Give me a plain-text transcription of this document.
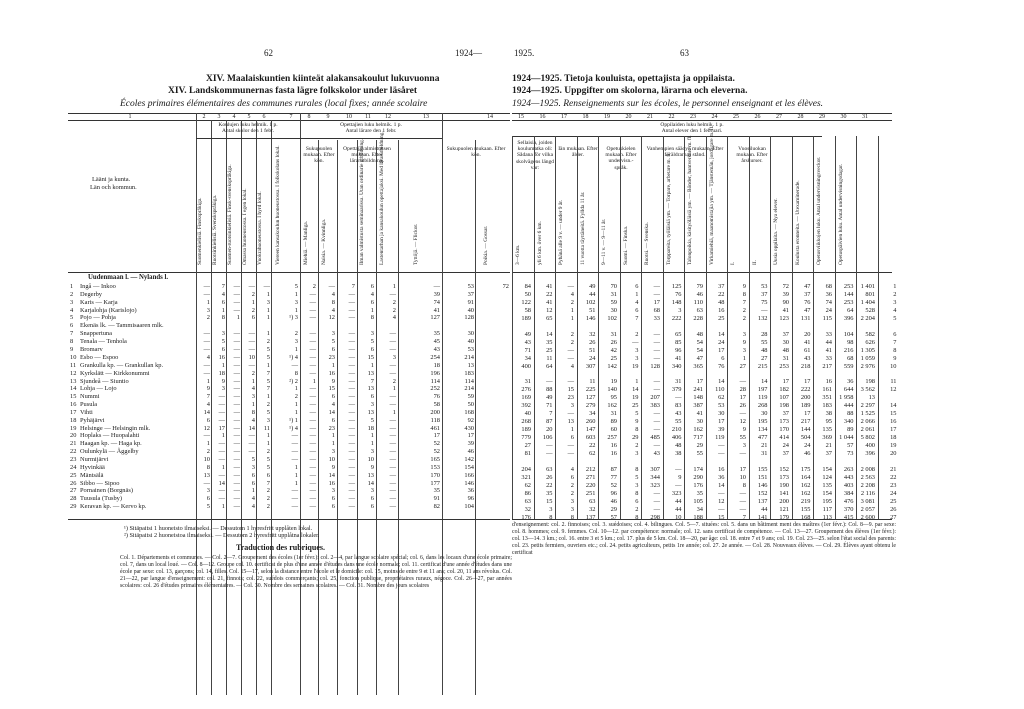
62	1924—
XIV. Maalaiskuntien kiinteät alakansakoulut lukuvuonna
XIV. Landskommunernas fasta lägre folkskolor under läsåret
Écoles primaires élémentaires des communes rurales (local fixes; année scolaire
1	2	3	4	5	6	7	8	9	10	11	12	13	14
Koulujen luku helmik. 1 p.
Antal skolor den 1 febr.
Opettajien luku helmik. 1 p.
Antal lärare den 1 febr.
Sukupuolen mukaan. Efter kön.
Opettajavalmistuksen mukaan. Efter lärarutbildning.
Sukupuolen mukaan. Efter kön.
Lääni ja kunta.
Län och kommun.
Suomenkielisiä. Finskspråkiga.	Ruotsinkielisiä. Svenskspråkiga.	Suomen-ruotsinkielisiä. Finsk-svenskspråkiga.	Omassa huoneustossa. I egen lokal.	Vuokrahuoneustossa. I hyrd lokal.	Viereen kansakoulun huoneustossa. I folkskolans lokal.	Miehiä. — Manliga.	Naisia. — Kvinnliga.	Ilman valmistusta seminaarissa. Utan ordinarie utbildning.	Lastentarhan ja kansakoulun opettajaksi. Med lärarutbildning.	Tyttöjä. — Flickor.	Poikia. — Gossar.
Uudenmaan l. — Nylands l.
1 Ingå — Inkoo	—	7	—	—	—	5	2	—	7	6	1	—	53	72
2 Degerby	—	4	—	2	1	1	—	4	—	4	—	39	37
3 Karis — Karja	1	6	—	1	3	3	—	8	—	6	2	74	91
4 Karjalohja (Karislojo)	3	1	—	2	1	1	—	4	—	1	2	41	40
5 Pojo — Pohja	2	8	1	6	1	¹) 3	—	12	—	8	4	127	128
6 Ekenäs lk. — Tammisaaren mlk.
7 Snappertuna	—	3	—	—	1	2	—	3	—	3	—	35	30
8 Tenala — Tenhola	—	5	—	—	2	3	—	5	—	5	—	45	40
9 Bromarv	—	6	—	—	5	1	—	6	—	6	—	43	53
10 Esbo — Espoo	4	16	—	10	5	¹) 4	—	23	—	15	3	254	214
11 Grankulla kp. — Grankullan kp.	—	1	—	—	1	—	—	1	—	1	—	18	13
12 Kyrkslätt — Kirkkonummi	—	18	—	2	7	8	—	16	—	13	—	196	183
13 Sjundeå — Siuntio	1	9	—	1	5	²) 2	1	9	—	7	2	114	114
14 Lohja — Lojo	9	3	—	4	7	1	—	15	—	13	1	252	214
15 Nummi	7	—	—	3	1	2	—	6	—	6	—	76	59
16 Pusula	4	—	—	1	2	1	—	4	—	3	—	58	50
17 Vihti	14	—	—	8	5	1	—	14	—	13	1	200	168
18 Pyhäjärvi	6	—	—	4	3	¹) 1	—	6	—	5	—	118	92
19 Helsinge — Helsingin mlk.	12	17	—	14	11	¹) 4	—	23	—	18	—	461	430
20 Hoplaks — Huopalahti	—	1	—	—	1	—	—	1	—	1	—	17	17
21 Haagan kp. — Haga kp.	1	—	—	—	1	—	—	1	—	1	—	52	39
22 Oulunkylä — Åggelby	2	—	—	—	2	—	—	3	—	3	—	52	46
23 Nurmijärvi	10	—	—	5	5	—	—	10	—	10	—	165	142
24 Hyvinkää	8	1	—	3	5	1	—	9	—	9	—	153	154
25 Mäntsälä	13	—	—	6	6	1	—	14	—	13	—	170	166
26 Sibbo — Sipoo	—	14	—	6	7	1	—	16	—	14	—	177	146
27 Pornainen (Borgnäs)	3	—	—	1	2	—	—	3	—	3	—	35	36
28 Tuusula (Tusby)	6	—	—	4	2	—	—	6	—	6	—	91	96
29 Keravan kp. — Kervo kp.	5	1	—	4	2	—	—	6	—	6	—	82	104
¹) Sitäpaitsi 1 huoneisto ilmaiseksi. — Dessutom 1 hyresfritt upplåten lokal.
²) Sitäpaitsi 2 huoneistoa ilmaiseksi. — Dessutom 2 hyresfritt upplåtna lokaler.
Traduction des rubriques.
Col. 1. Départements et communes. — Col. 2—7. Groupement des écoles (1er févr.): col. 2—4, par langue scolaire spécial; col. 6, dans les locaux d'une école primaire; col. 7, dans un local loué. — Col. 8—12. Groupe col. 10. certificat de plus d'une année d'études dans une école normale; col. 11. certificat d'une année d'études dans une école par sexe: col. 13, garçons; col. 14, filles. Col. 15—17, selon la distance entre l'école et le domicile: col. 15, moins de entre 9 et 11 ans; col. 20, 11 ans révolus. Col. 21—22, par langue d'enseignement: col. 21, finnois; col. 22, suédois commerçants; col. 25, fonction publique, propriétaires ruraux, négoce. Col. 26—27, par années scolaires: col. 26 d'études primaires élémentaires. — Col. 30. Nombre des semaines scolaires. — Col. 31. Nombre des jours scolaires
1925.	63
1924—1925. Tietoja kouluista, opettajista ja oppilaista.
1924—1925. Uppgifter om skolorna, lärarna och eleverna.
1924—1925. Renseignements sur les écoles, le personnel enseignant et les élèves.
15	16	17	18	19	20	21	22	23	24	25	26	27	28	29	30	31
Oppilaiden luku helmik. 1 p.
Antal elever den 1 februari.
Sellaisia, joiden koulumatka oli: Sådana för vilka skolvägens längd var:
Iän mukaan. Efter ålder.
Opetuskielen mukaan. Efter undervisn.-språk.
Vanhempien säädyn mukaan. Efter föräldrarnas stånd.
Vuosiluokan mukaan. Efter årskurser.
3—6 km.	yli 6 km. över 6 km.	Pyhänä alle 9 v. — under 9 år.	11 vuotta täyttäneitä. Fyllda 11 år.	9—11 v. — 9—11 år.	Suomi. — Finska.	Ruotsi. — Svenska.	Torppareita, työläisiä ym. — Torpare, arbetare m. fl.	Talonpoikia, käsityöläisiä ym. — Bönder, hantverkare m. fl.	Virkamiehiä, maanomistajia ym. — Tjänstemän, jordägare m. fl.	I.	II.	Uusia oppilaita. — Nya elever.	Koulusta eronneita. — Utexaminerade.	Opetusviikkojen luku. Antal undervisningsveckor.	Opetuspäivien luku. Antal undervisningsdagar.
84	41	—	49	70	6	—	125	79	37	9	53	72	47	68	253	1 401	1
50	22	4	44	31	1	—	76	46	22	8	37	39	37	36	144	801	2
122	41	2	102	59	4	17	148	110	48	7	75	90	76	74	253	1 404	3
58	12	1	51	30	6	68	3	63	16	2	—	41	47	24	64	528	4
189	65	1	146	102	7	33	222	228	25	2	132	123	131	115	396	2 204	5
49	14	2	32	31	2	—	65	48	14	3	28	37	20	33	104	582	6
43	35	2	26	26	—	—	85	54	24	9	55	30	41	44	98	626	7
71	25	—	51	42	3	—	96	54	17	3	48	48	61	41	216	1 305	8
34	11	—	24	25	3	—	41	47	6	1	27	31	43	33	68	1 059	9
400	64	4	307	142	19	128	340	365	76	27	215	253	218	217	559	2 976	10
31	—	—	11	19	1	—	31	17	14	—	14	17	17	16	36	198	11
276	88	15	225	140	14	—	379	241	110	28	197	182	222	161	644	3 562	12
169	49	23	127	95	19	207	—	148	62	17	119	107	200	351	1 958	13
392	71	3	279	162	25	383	83	387	53	26	268	198	189	183	444	2 297	14
40	7	—	34	31	5	—	43	41	30	—	30	37	17	38	88	1 525	15
268	87	13	260	89	9	—	55	30	17	12	195	173	217	95	340	2 066	16
189	20	1	147	60	8	—	210	162	39	9	134	170	144	135	89	2 061	17
779	106	6	603	257	29	485	406	717	119	55	477	414	504	369	1 044	5 802	18
27	—	—	22	16	2	—	48	29	—	3	21	24	24	21	57	400	19
81	—	—	62	16	3	43	38	55	—	—	31	37	46	37	73	396	20
204	63	4	212	87	8	307	—	174	16	17	155	152	175	154	263	2 008	21
321	26	6	271	77	5	344	9	290	36	10	151	173	164	124	443	2 563	22
62	22	2	220	52	3	323	—	176	14	8	146	190	162	135	403	2 208	23
86	35	2	251	96	8	—	323	35	—	—	152	141	162	154	384	2 116	24
63	15	3	63	46	6	—	44	105	12	—	137	200	219	195	476	3 081	25
32	3	3	32	29	2	—	44	34	—	—	44	121	155	117	370	2 057	26
176	8	8	137	57	8	298	10	188	15	7	141	179	168	113	415	2 600	27
d'enseignement: col. 2. finnoises; col. 3. suédoises; col. 4. bilingues. Col. 5—7. situées: col. 5. dans un bâtiment ment des maîtres (1er févr.): Col. 8—9. par sexe: col. 8. hommes; col. 9. femmes. Col. 10—12. par compétence: normale; col. 12. sans certificat de compétence. — Col. 13—27. Groupement des élèves (1er févr.): col. 13—14. 3 km.; col. 16. entre 3 et 5 km.; col. 17. plus de 5 km. Col. 18—20, par âge: col. 18. entre 7 et 9 ans; col. 19. Col. 23—25. selon l'état social des parents: col. 23. petits fermiers, ouvriers etc.; col. 24. petits agriculteurs, petits 1re année; col. 27. 2e année. — Col. 28. Nouveaux élèves. — Col. 29. Élèves ayant obtenu le certificat
